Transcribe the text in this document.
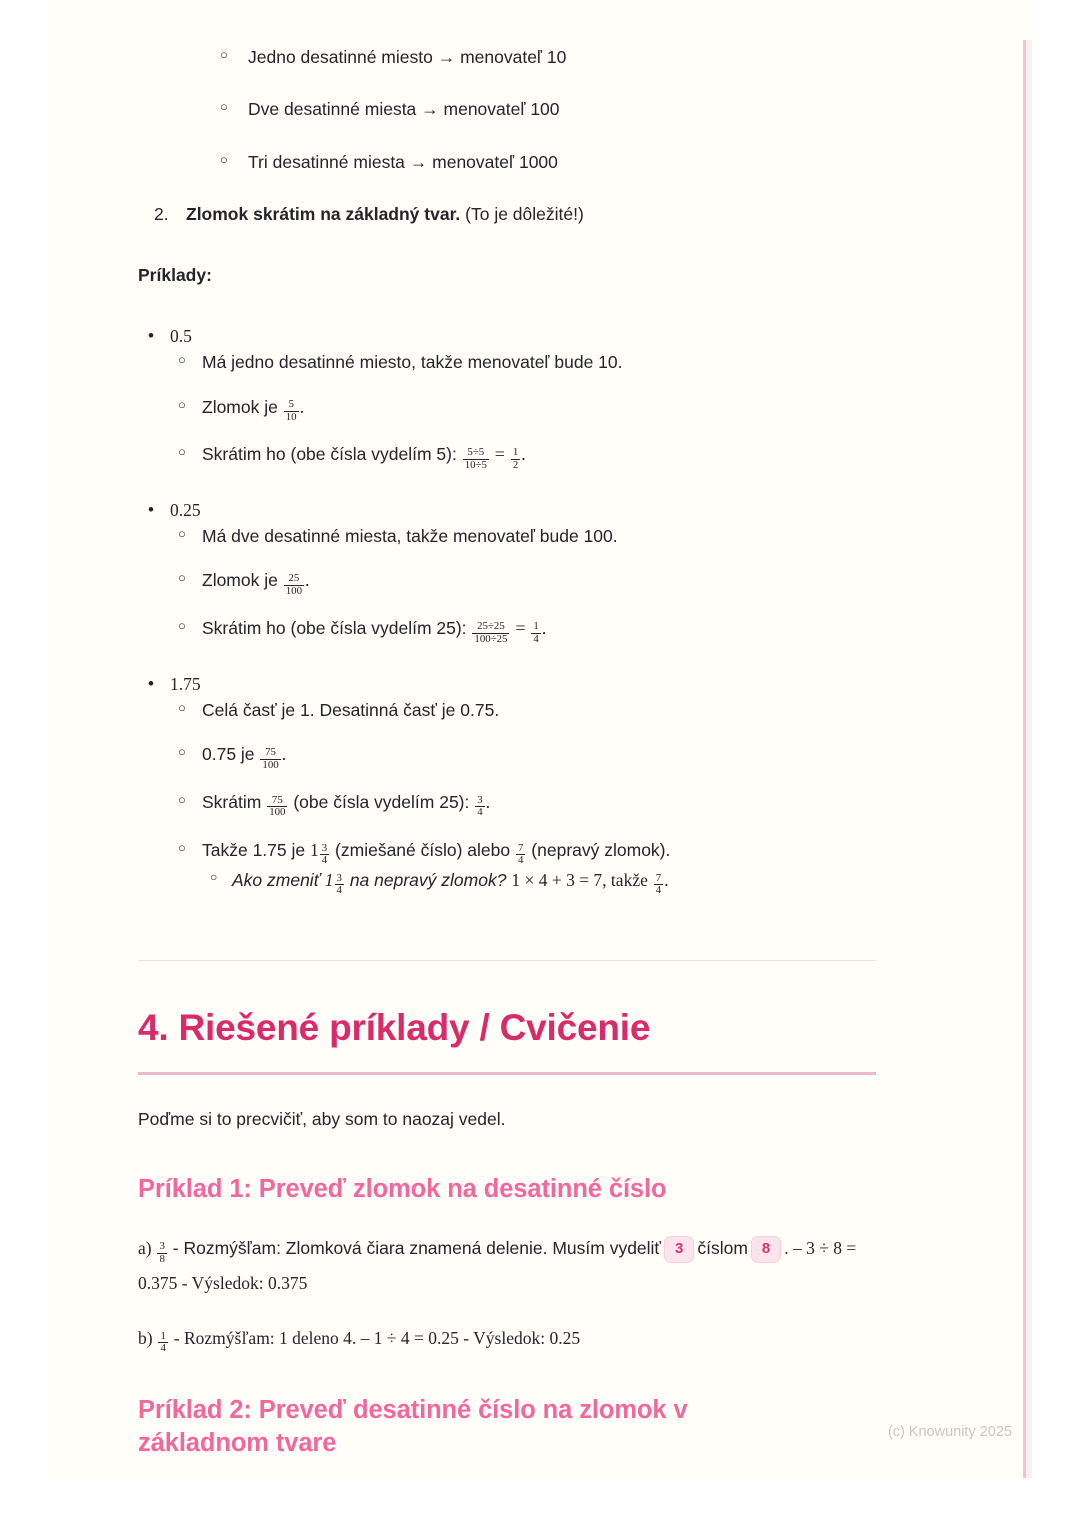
○ Jedno desatinné miesto → menovateľ 10
○ Dve desatinné miesta → menovateľ 100
○ Tri desatinné miesta → menovateľ 1000
2. Zlomok skrátim na základný tvar. (To je dôležité!)

Príklady:

• 0.5
○ Má jedno desatinné miesto, takže menovateľ bude 10.
○ Zlomok je $\frac{5}{10}$ .
○ Skrátim ho (obe čísla vydelím 5): $\frac{5\div 5}{10\div 5} = \frac{1}{2}$ .
• 0.25
○ Má dve desatinné miesta, takže menovateľ bude 100.
○ Zlomok je $\frac{25}{100}$ .
○ Skrátim ho (obe čísla vydelím 25): $\frac{25\div 25}{100\div 25} = \frac{1}{4}$ .
• 1.75
○ Celá časť je 1. Desatinná časť je 0.75.
○ 0.75 je $\frac{75}{100}$ .
○ Skrátim $\frac{75}{100} (obe$ čísla vydelím 25): $\frac{3}{4}$ .
○ Takže 1.75 je $1 \frac{3}{4}$ (zmiešané číslo) alebo $\frac{7}{4}$ (nepravý zlomok).
○ Ako zmeniť $1 \frac{3}{4}$ na nepravý zlomok? 1 × 4 + 3 = 7, takže $\frac{7}{4}$ .
4. Riešené príklady / Cvičenie

Poďme si to precvičiť, aby som to naozaj vedel.

Príklad 1: Preveď zlomok na desatinné číslo

$a) \frac{3}{8}$ - Rozmýšľam: Zlomková čiara znamená delenie. Musím vydeliť 3 číslom 8 . – 3 ÷ 8 = 0.375 - Výsledok: 0.375

$b) \frac{1}{4}$ - Rozmýšľam: 1 deleno 4. – 1 ÷ 4 = 0.25 - Výsledok: 0.25

Príklad 2: Preveď desatinné číslo na zlomok v základnom tvare	(c) Knowunity 2025
